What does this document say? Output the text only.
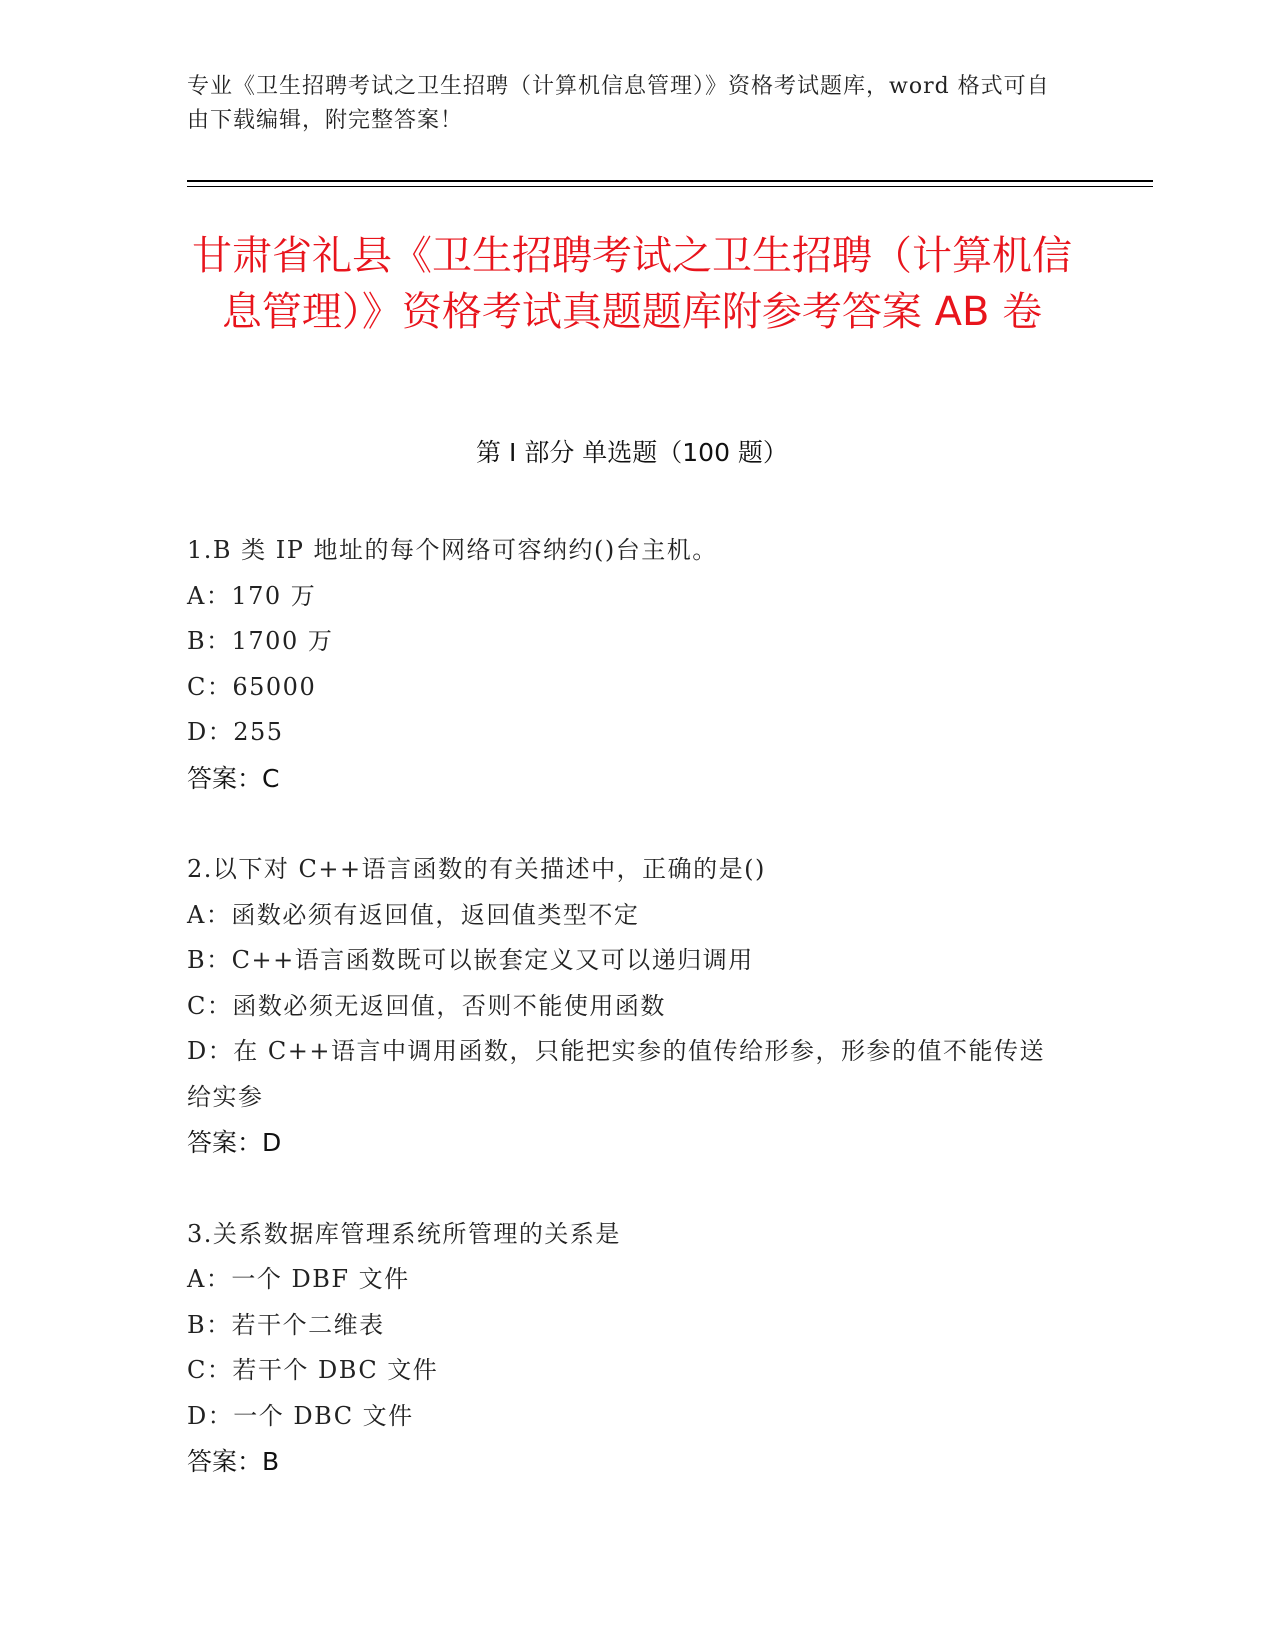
专业《卫生招聘考试之卫生招聘（计算机信息管理）》资格考试题库，word 格式可自由下载编辑，附完整答案！
甘肃省礼县《卫生招聘考试之卫生招聘（计算机信息管理）》资格考试真题题库附参考答案 AB 卷
第 I 部分 单选题（100 题）
1.B 类 IP 地址的每个网络可容纳约()台主机。
A：170 万
B：1700 万
C：65000
D：255
答案：C
2.以下对 C++语言函数的有关描述中，正确的是()
A：函数必须有返回值，返回值类型不定
B：C++语言函数既可以嵌套定义又可以递归调用
C：函数必须无返回值，否则不能使用函数
D：在 C++语言中调用函数，只能把实参的值传给形参，形参的值不能传送给实参
答案：D
3.关系数据库管理系统所管理的关系是
A：一个 DBF 文件
B：若干个二维表
C：若干个 DBC 文件
D：一个 DBC 文件
答案：B
